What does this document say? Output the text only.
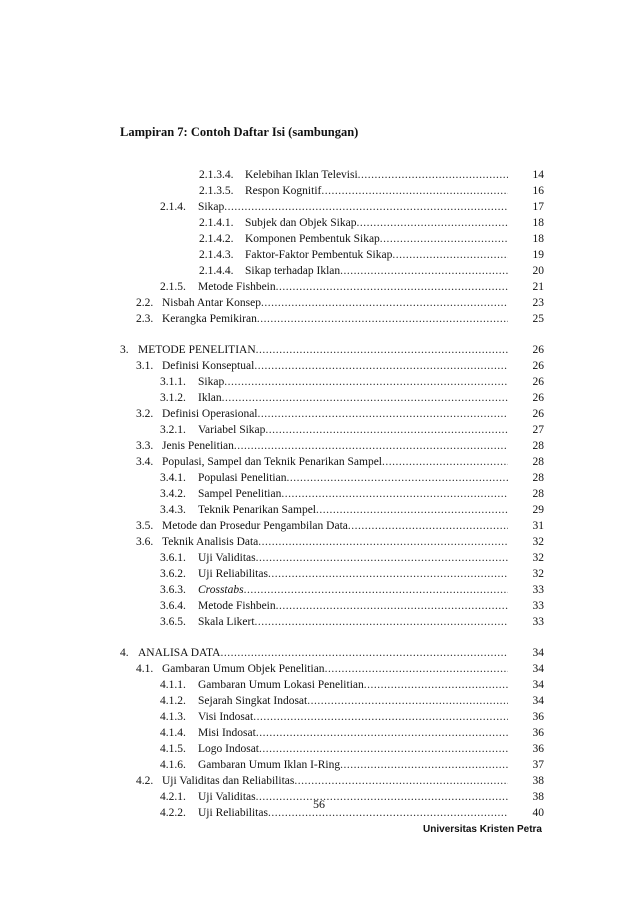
Lampiran 7: Contoh Daftar Isi (sambungan)
2.1.3.4.	Kelebihan Iklan Televisi .....	14
2.1.3.5.	Respon Kognitif .....	16
2.1.4.	Sikap .....	17
2.1.4.1.	Subjek dan Objek Sikap .....	18
2.1.4.2.	Komponen Pembentuk Sikap .....	18
2.1.4.3.	Faktor-Faktor Pembentuk Sikap .....	19
2.1.4.4.	Sikap terhadap Iklan .....	20
2.1.5.	Metode Fishbein .....	21
2.2. Nisbah Antar Konsep .....	23
2.3. Kerangka Pemikiran .....	25
3. METODE PENELITIAN .....	26
3.1. Definisi Konseptual .....	26
3.1.1.	Sikap .....	26
3.1.2.	Iklan .....	26
3.2. Definisi Operasional .....	26
3.2.1.	Variabel Sikap .....	27
3.3. Jenis Penelitian .....	28
3.4. Populasi, Sampel dan Teknik Penarikan Sampel .....	28
3.4.1.	Populasi Penelitian .....	28
3.4.2.	Sampel Penelitian .....	28
3.4.3.	Teknik Penarikan Sampel .....	29
3.5. Metode dan Prosedur Pengambilan Data .....	31
3.6. Teknik Analisis Data .....	32
3.6.1.	Uji Validitas .....	32
3.6.2.	Uji Reliabilitas .....	32
3.6.3.	Crosstabs .....	33
3.6.4.	Metode Fishbein .....	33
3.6.5.	Skala Likert .....	33
4. ANALISA DATA .....	34
4.1. Gambaran Umum Objek Penelitian .....	34
4.1.1.	Gambaran Umum Lokasi Penelitian .....	34
4.1.2.	Sejarah Singkat Indosat .....	34
4.1.3.	Visi Indosat .....	36
4.1.4.	Misi Indosat .....	36
4.1.5.	Logo Indosat .....	36
4.1.6.	Gambaran Umum Iklan I-Ring .....	37
4.2. Uji Validitas dan Reliabilitas .....	38
4.2.1.	Uji Validitas .....	38
4.2.2.	Uji Reliabilitas .....	40
56
Universitas Kristen Petra
